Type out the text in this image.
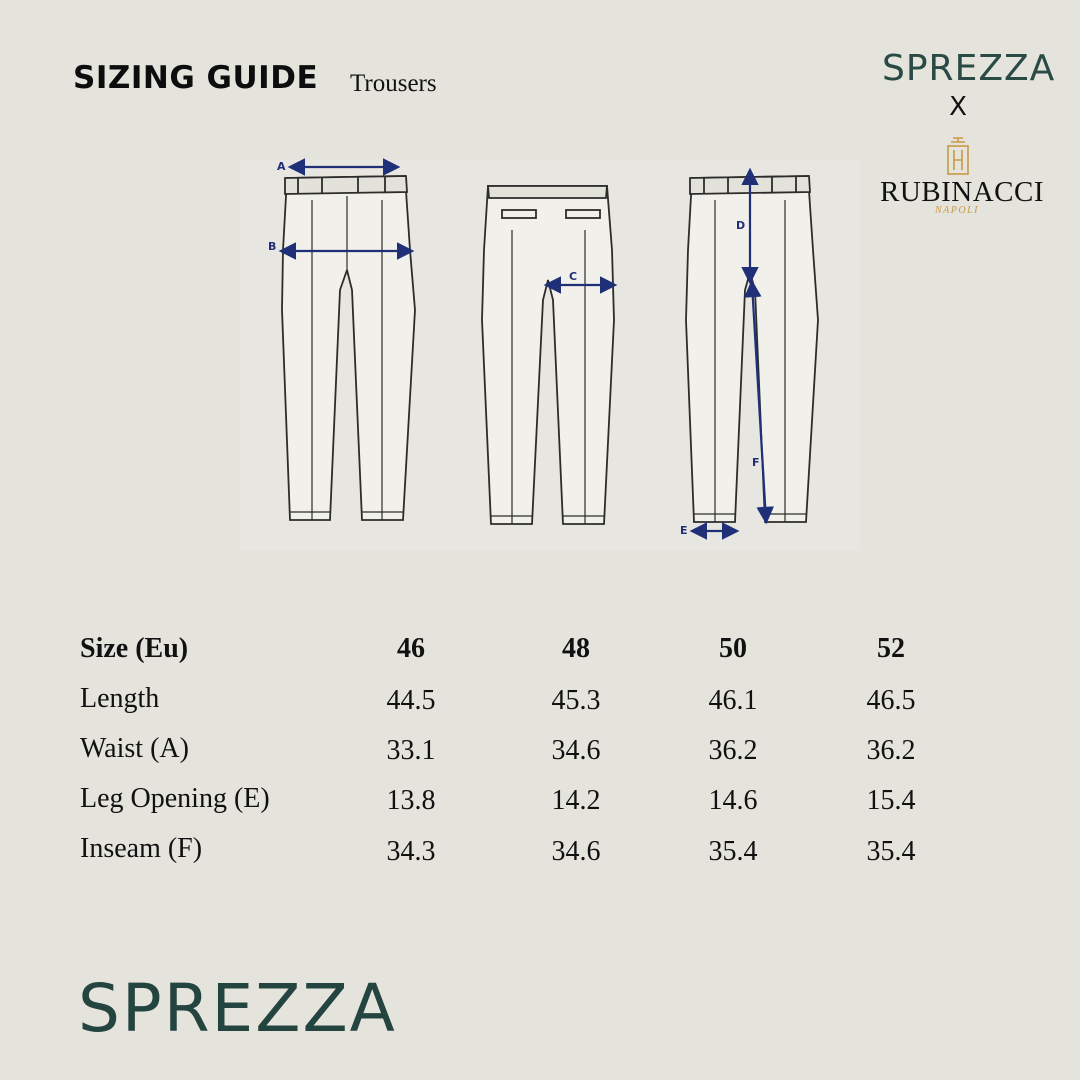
SIZING GUIDE Trousers	SPREZZA
X
RUBINACCI
NAPOLI
A
B
C
D
E
F
Size (Eu)	46	48	50	52
Length	44.5	45.3	46.1	46.5
Waist (A)	33.1	34.6	36.2	36.2
Leg Opening (E)	13.8	14.2	14.6	15.4
Inseam (F)	34.3	34.6	35.4	35.4
SPREZZA
